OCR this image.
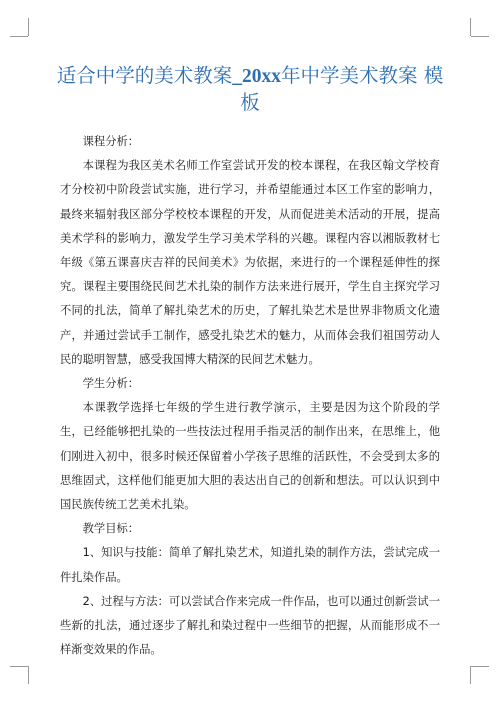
适合中学的美术教案_20xx年中学美术教案 模板

课程分析：

本课程为我区美术名师工作室尝试开发的校本课程，在我区翰文学校育才分校初中阶段尝试实施，进行学习，并希望能通过本区工作室的影响力，最终来辐射我区部分学校校本课程的开发，从而促进美术活动的开展，提高美术学科的影响力，激发学生学习美术学科的兴趣。课程内容以湘版教材七年级《第五课喜庆吉祥的民间美术》为依据，来进行的一个课程延伸性的探究。课程主要围绕民间艺术扎染的制作方法来进行展开，学生自主探究学习不同的扎法，简单了解扎染艺术的历史，了解扎染艺术是世界非物质文化遗产，并通过尝试手工制作，感受扎染艺术的魅力，从而体会我们祖国劳动人民的聪明智慧，感受我国博大精深的民间艺术魅力。

学生分析：

本课教学选择七年级的学生进行教学演示，主要是因为这个阶段的学生，已经能够把扎染的一些技法过程用手指灵活的制作出来，在思维上，他们刚进入初中，很多时候还保留着小学孩子思维的活跃性，不会受到太多的思维固式，这样他们能更加大胆的表达出自己的创新和想法。可以认识到中国民族传统工艺美术扎染。

教学目标：

1、知识与技能：简单了解扎染艺术，知道扎染的制作方法，尝试完成一件扎染作品。

2、过程与方法：可以尝试合作来完成一件作品，也可以通过创新尝试一些新的扎法，通过逐步了解扎和染过程中一些细节的把握，从而能形成不一样渐变效果的作品。
